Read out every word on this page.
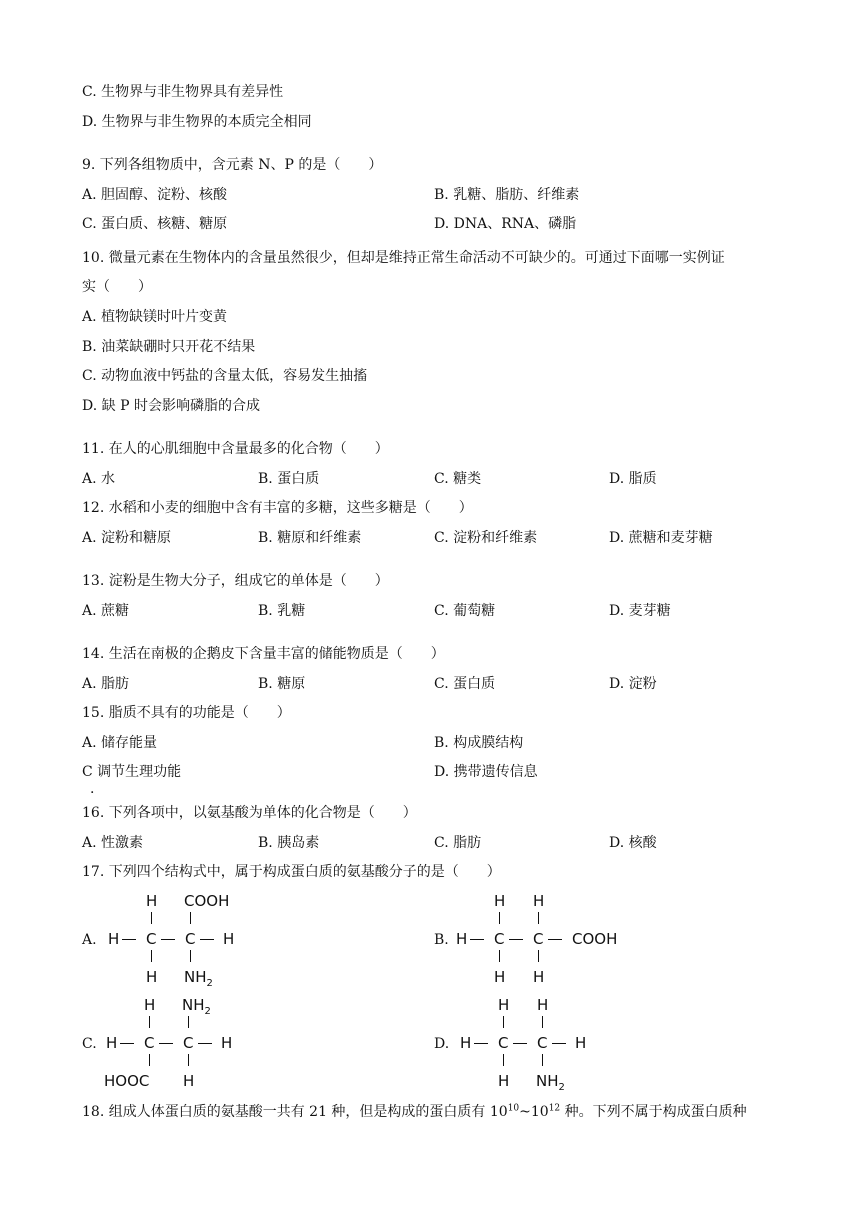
C. 生物界与非生物界具有差异性
D. 生物界与非生物界的本质完全相同
9. 下列各组物质中，含元素 N、P 的是（　　）
A. 胆固醇、淀粉、核酸	B. 乳糖、脂肪、纤维素
C. 蛋白质、核糖、糖原	D. DNA、RNA、磷脂
10. 微量元素在生物体内的含量虽然很少，但却是维持正常生命活动不可缺少的。可通过下面哪一实例证
实（　　）
A. 植物缺镁时叶片变黄
B. 油菜缺硼时只开花不结果
C. 动物血液中钙盐的含量太低，容易发生抽搐
D. 缺 P 时会影响磷脂的合成
11. 在人的心肌细胞中含量最多的化合物（　　）
A. 水	B. 蛋白质	C. 糖类	D. 脂质
12. 水稻和小麦的细胞中含有丰富的多糖，这些多糖是（　　）
A. 淀粉和糖原	B. 糖原和纤维素	C. 淀粉和纤维素	D. 蔗糖和麦芽糖
13. 淀粉是生物大分子，组成它的单体是（　　）
A. 蔗糖	B. 乳糖	C. 葡萄糖	D. 麦芽糖
14. 生活在南极的企鹅皮下含量丰富的储能物质是（　　）
A. 脂肪	B. 糖原	C. 蛋白质	D. 淀粉
15. 脂质不具有的功能是（　　）
A. 储存能量	B. 构成膜结构
C 调节生理功能	D. 携带遗传信息
·
16. 下列各项中，以氨基酸为单体的化合物是（　　）
A. 性激素	B. 胰岛素	C. 脂肪	D. 核酸
17. 下列四个结构式中，属于构成蛋白质的氨基酸分子的是（　　）
A.
H COOH
H C C H
H $NH_2$
B.
H H
H C C COOH
H H
C.
H $NH_2$
H C C H
HOOC H
D.
H H
H C C H
H $NH_2$
18. 组成人体蛋白质的氨基酸一共有 21 种，但是构成的蛋白质有 $10^{10}\sim 10^{12}$ 种。下列不属于构成蛋白质种
